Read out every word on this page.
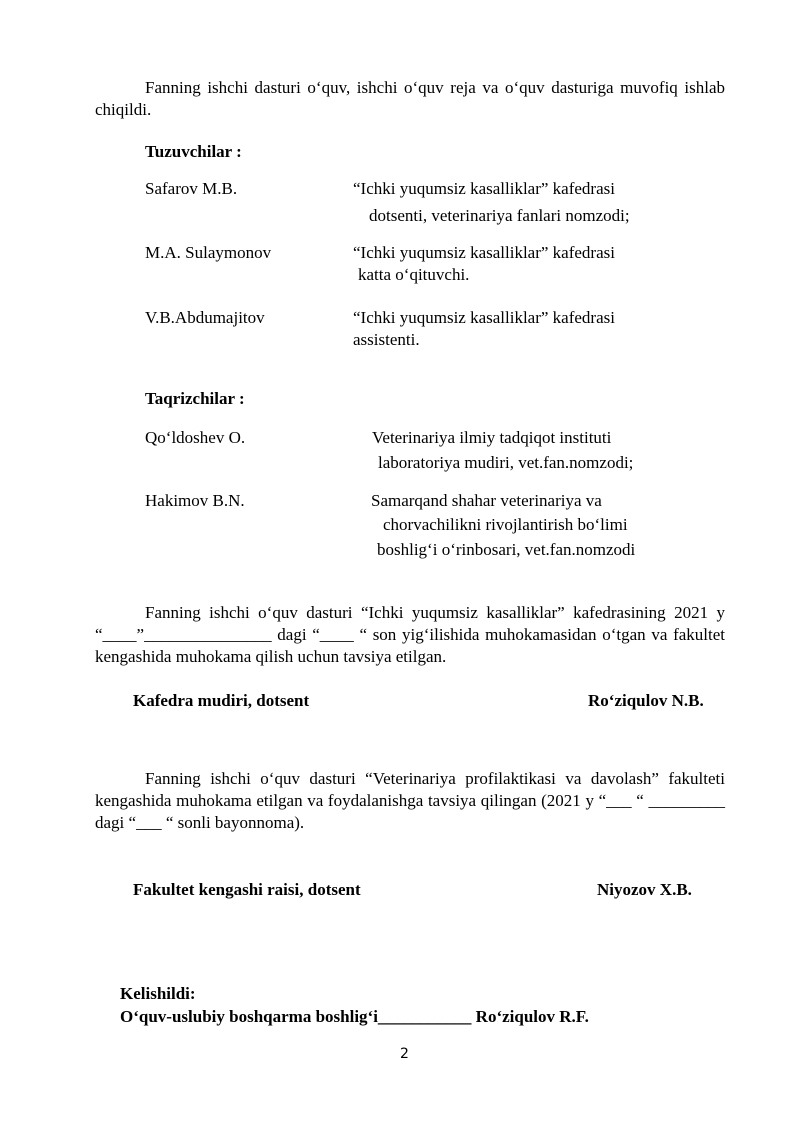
Fanning ishchi dasturi o‘quv, ishchi o‘quv reja va o‘quv dasturiga muvofiq ishlab chiqildi.
Tuzuvchilar :
Safarov M.B.	“Ichki yuqumsiz kasalliklar” kafedrasi
dotsenti, veterinariya fanlari nomzodi;
M.A. Sulaymonov	“Ichki yuqumsiz kasalliklar” kafedrasi
katta o‘qituvchi.
V.B.Abdumajitov	“Ichki yuqumsiz kasalliklar” kafedrasi
assistenti.
Taqrizchilar :
Qo‘ldoshev O.	Veterinariya ilmiy tadqiqot instituti
laboratoriya mudiri, vet.fan.nomzodi;
Hakimov B.N.	Samarqand shahar veterinariya va
chorvachilikni rivojlantirish bo‘limi
boshlig‘i o‘rinbosari, vet.fan.nomzodi
Fanning ishchi o‘quv dasturi “Ichki yuqumsiz kasalliklar” kafedrasining 2021 y “____”_______________ dagi “____ “ son yig‘ilishida muhokamasidan o‘tgan va fakultet kengashida muhokama qilish uchun tavsiya etilgan.
Kafedra mudiri, dotsent	Ro‘ziqulov N.B.
Fanning ishchi o‘quv dasturi “Veterinariya profilaktikasi va davolash” fakulteti kengashida muhokama etilgan va foydalanishga tavsiya qilingan (2021 y “___ “ _________ dagi “___ “ sonli bayonnoma).
Fakultet kengashi raisi, dotsent	Niyozov X.B.
Kelishildi:
O‘quv-uslubiy boshqarma boshlig‘i___________ Ro‘ziqulov R.F.
2
